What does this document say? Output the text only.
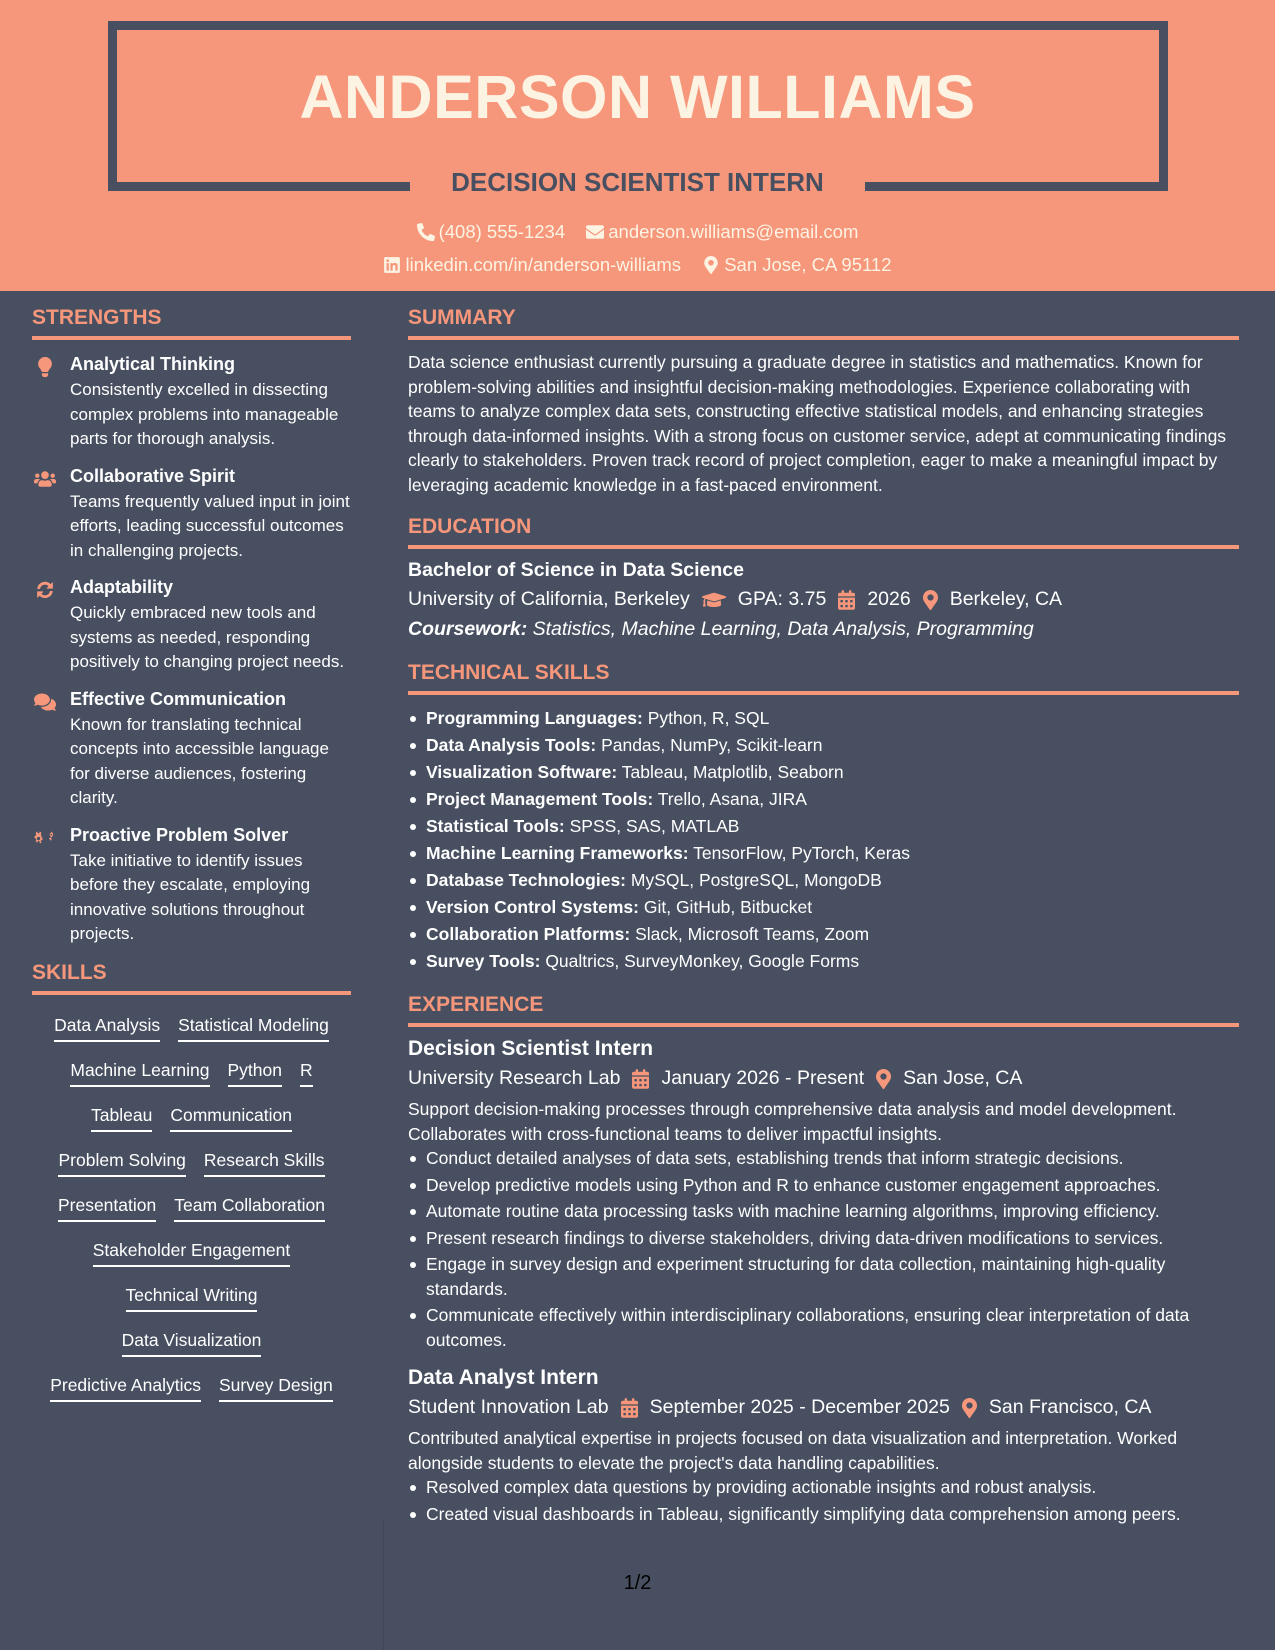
ANDERSON WILLIAMS
DECISION SCIENTIST INTERN
(408) 555-1234
anderson.williams@email.com
linkedin.com/in/anderson-williams
San Jose, CA 95112
STRENGTHS
Analytical Thinking
Consistently excelled in dissecting complex problems into manageable parts for thorough analysis.
Collaborative Spirit
Teams frequently valued input in joint efforts, leading successful outcomes in challenging projects.
Adaptability
Quickly embraced new tools and systems as needed, responding positively to changing project needs.
Effective Communication
Known for translating technical concepts into accessible language for diverse audiences, fostering clarity.
Proactive Problem Solver
Take initiative to identify issues before they escalate, employing innovative solutions throughout projects.
SKILLS
Data Analysis Statistical Modeling
Machine Learning Python R
Tableau Communication
Problem Solving Research Skills
Presentation Team Collaboration
Stakeholder Engagement
Technical Writing
Data Visualization
Predictive Analytics Survey Design
SUMMARY
Data science enthusiast currently pursuing a graduate degree in statistics and mathematics. Known for problem-solving abilities and insightful decision-making methodologies. Experience collaborating with teams to analyze complex data sets, constructing effective statistical models, and enhancing strategies through data-informed insights. With a strong focus on customer service, adept at communicating findings clearly to stakeholders. Proven track record of project completion, eager to make a meaningful impact by leveraging academic knowledge in a fast-paced environment.
EDUCATION
Bachelor of Science in Data Science
University of California, Berkeley GPA: 3.75 2026 Berkeley, CA
Coursework: Statistics, Machine Learning, Data Analysis, Programming
TECHNICAL SKILLS
Programming Languages: Python, R, SQL
Data Analysis Tools: Pandas, NumPy, Scikit-learn
Visualization Software: Tableau, Matplotlib, Seaborn
Project Management Tools: Trello, Asana, JIRA
Statistical Tools: SPSS, SAS, MATLAB
Machine Learning Frameworks: TensorFlow, PyTorch, Keras
Database Technologies: MySQL, PostgreSQL, MongoDB
Version Control Systems: Git, GitHub, Bitbucket
Collaboration Platforms: Slack, Microsoft Teams, Zoom
Survey Tools: Qualtrics, SurveyMonkey, Google Forms
EXPERIENCE
Decision Scientist Intern
University Research Lab January 2026 - Present San Jose, CA
Support decision-making processes through comprehensive data analysis and model development. Collaborates with cross-functional teams to deliver impactful insights.
Conduct detailed analyses of data sets, establishing trends that inform strategic decisions.
Develop predictive models using Python and R to enhance customer engagement approaches.
Automate routine data processing tasks with machine learning algorithms, improving efficiency.
Present research findings to diverse stakeholders, driving data-driven modifications to services.
Engage in survey design and experiment structuring for data collection, maintaining high-quality standards.
Communicate effectively within interdisciplinary collaborations, ensuring clear interpretation of data outcomes.
Data Analyst Intern
Student Innovation Lab September 2025 - December 2025 San Francisco, CA
Contributed analytical expertise in projects focused on data visualization and interpretation. Worked alongside students to elevate the project's data handling capabilities.
Resolved complex data questions by providing actionable insights and robust analysis.
Created visual dashboards in Tableau, significantly simplifying data comprehension among peers.
1/2
